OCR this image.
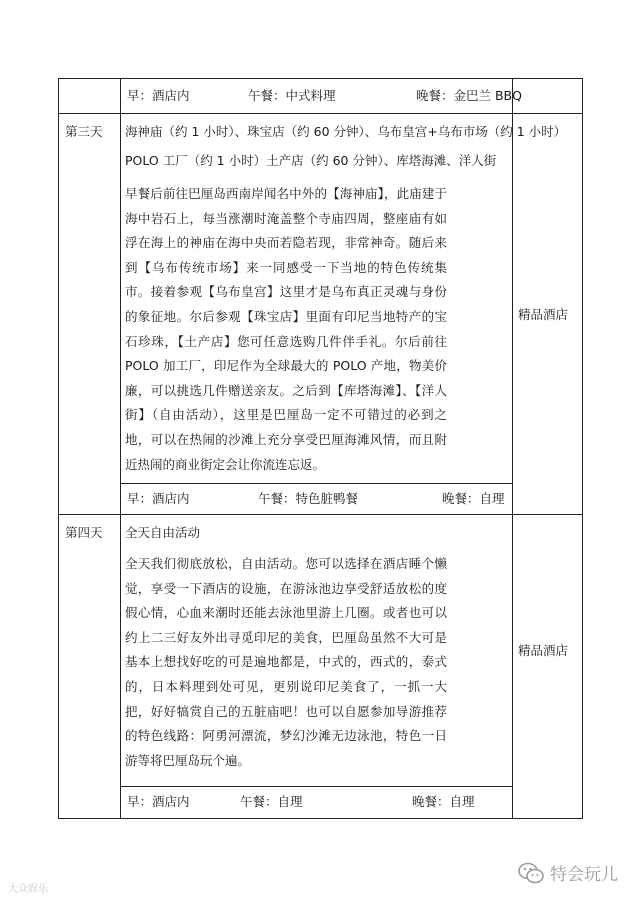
早：酒店内	午餐：中式料理	晚餐：金巴兰 BBQ
第三天 海神庙（约 1 小时）、珠宝店（约 60 分钟）、乌布皇宫+乌布市场（约 1 小时）
POLO 工厂（约 1 小时）土产店（约 60 分钟）、库塔海滩、洋人街
早餐后前往巴厘岛西南岸闻名中外的【海神庙】，此庙建于海中岩石上，每当涨潮时淹盖整个寺庙四周，整座庙有如浮在海上的神庙在海中央而若隐若现，非常神奇。随后来到【乌布传统市场】来一同感受一下当地的特色传统集市。接着参观【乌布皇宫】这里才是乌布真正灵魂与身份的象征地。尔后参观【珠宝店】里面有印尼当地特产的宝石珍珠，【土产店】您可任意选购几件伴手礼。尔后前往 POLO 加工厂，印尼作为全球最大的 POLO 产地，物美价廉，可以挑选几件赠送亲友。之后到【库塔海滩】、【洋人街】（自由活动），这里是巴厘岛一定不可错过的必到之地，可以在热闹的沙滩上充分享受巴厘海滩风情，而且附近热闹的商业街定会让你流连忘返。
精品酒店
早：酒店内	午餐：特色脏鸭餐	晚餐：自理
第四天 全天自由活动
全天我们彻底放松，自由活动。您可以选择在酒店睡个懒觉，享受一下酒店的设施，在游泳池边享受舒适放松的度假心情，心血来潮时还能去泳池里游上几圈。或者也可以约上二三好友外出寻觅印尼的美食，巴厘岛虽然不大可是基本上想找好吃的可是遍地都是，中式的，西式的，泰式的，日本料理到处可见，更别说印尼美食了，一抓一大把，好好犒赏自己的五脏庙吧！也可以自愿参加导游推荐的特色线路：阿勇河漂流，梦幻沙滩无边泳池，特色一日游等将巴厘岛玩个遍。
精品酒店
早：酒店内	午餐：自理	晚餐：自理
大众娱乐
特会玩儿
